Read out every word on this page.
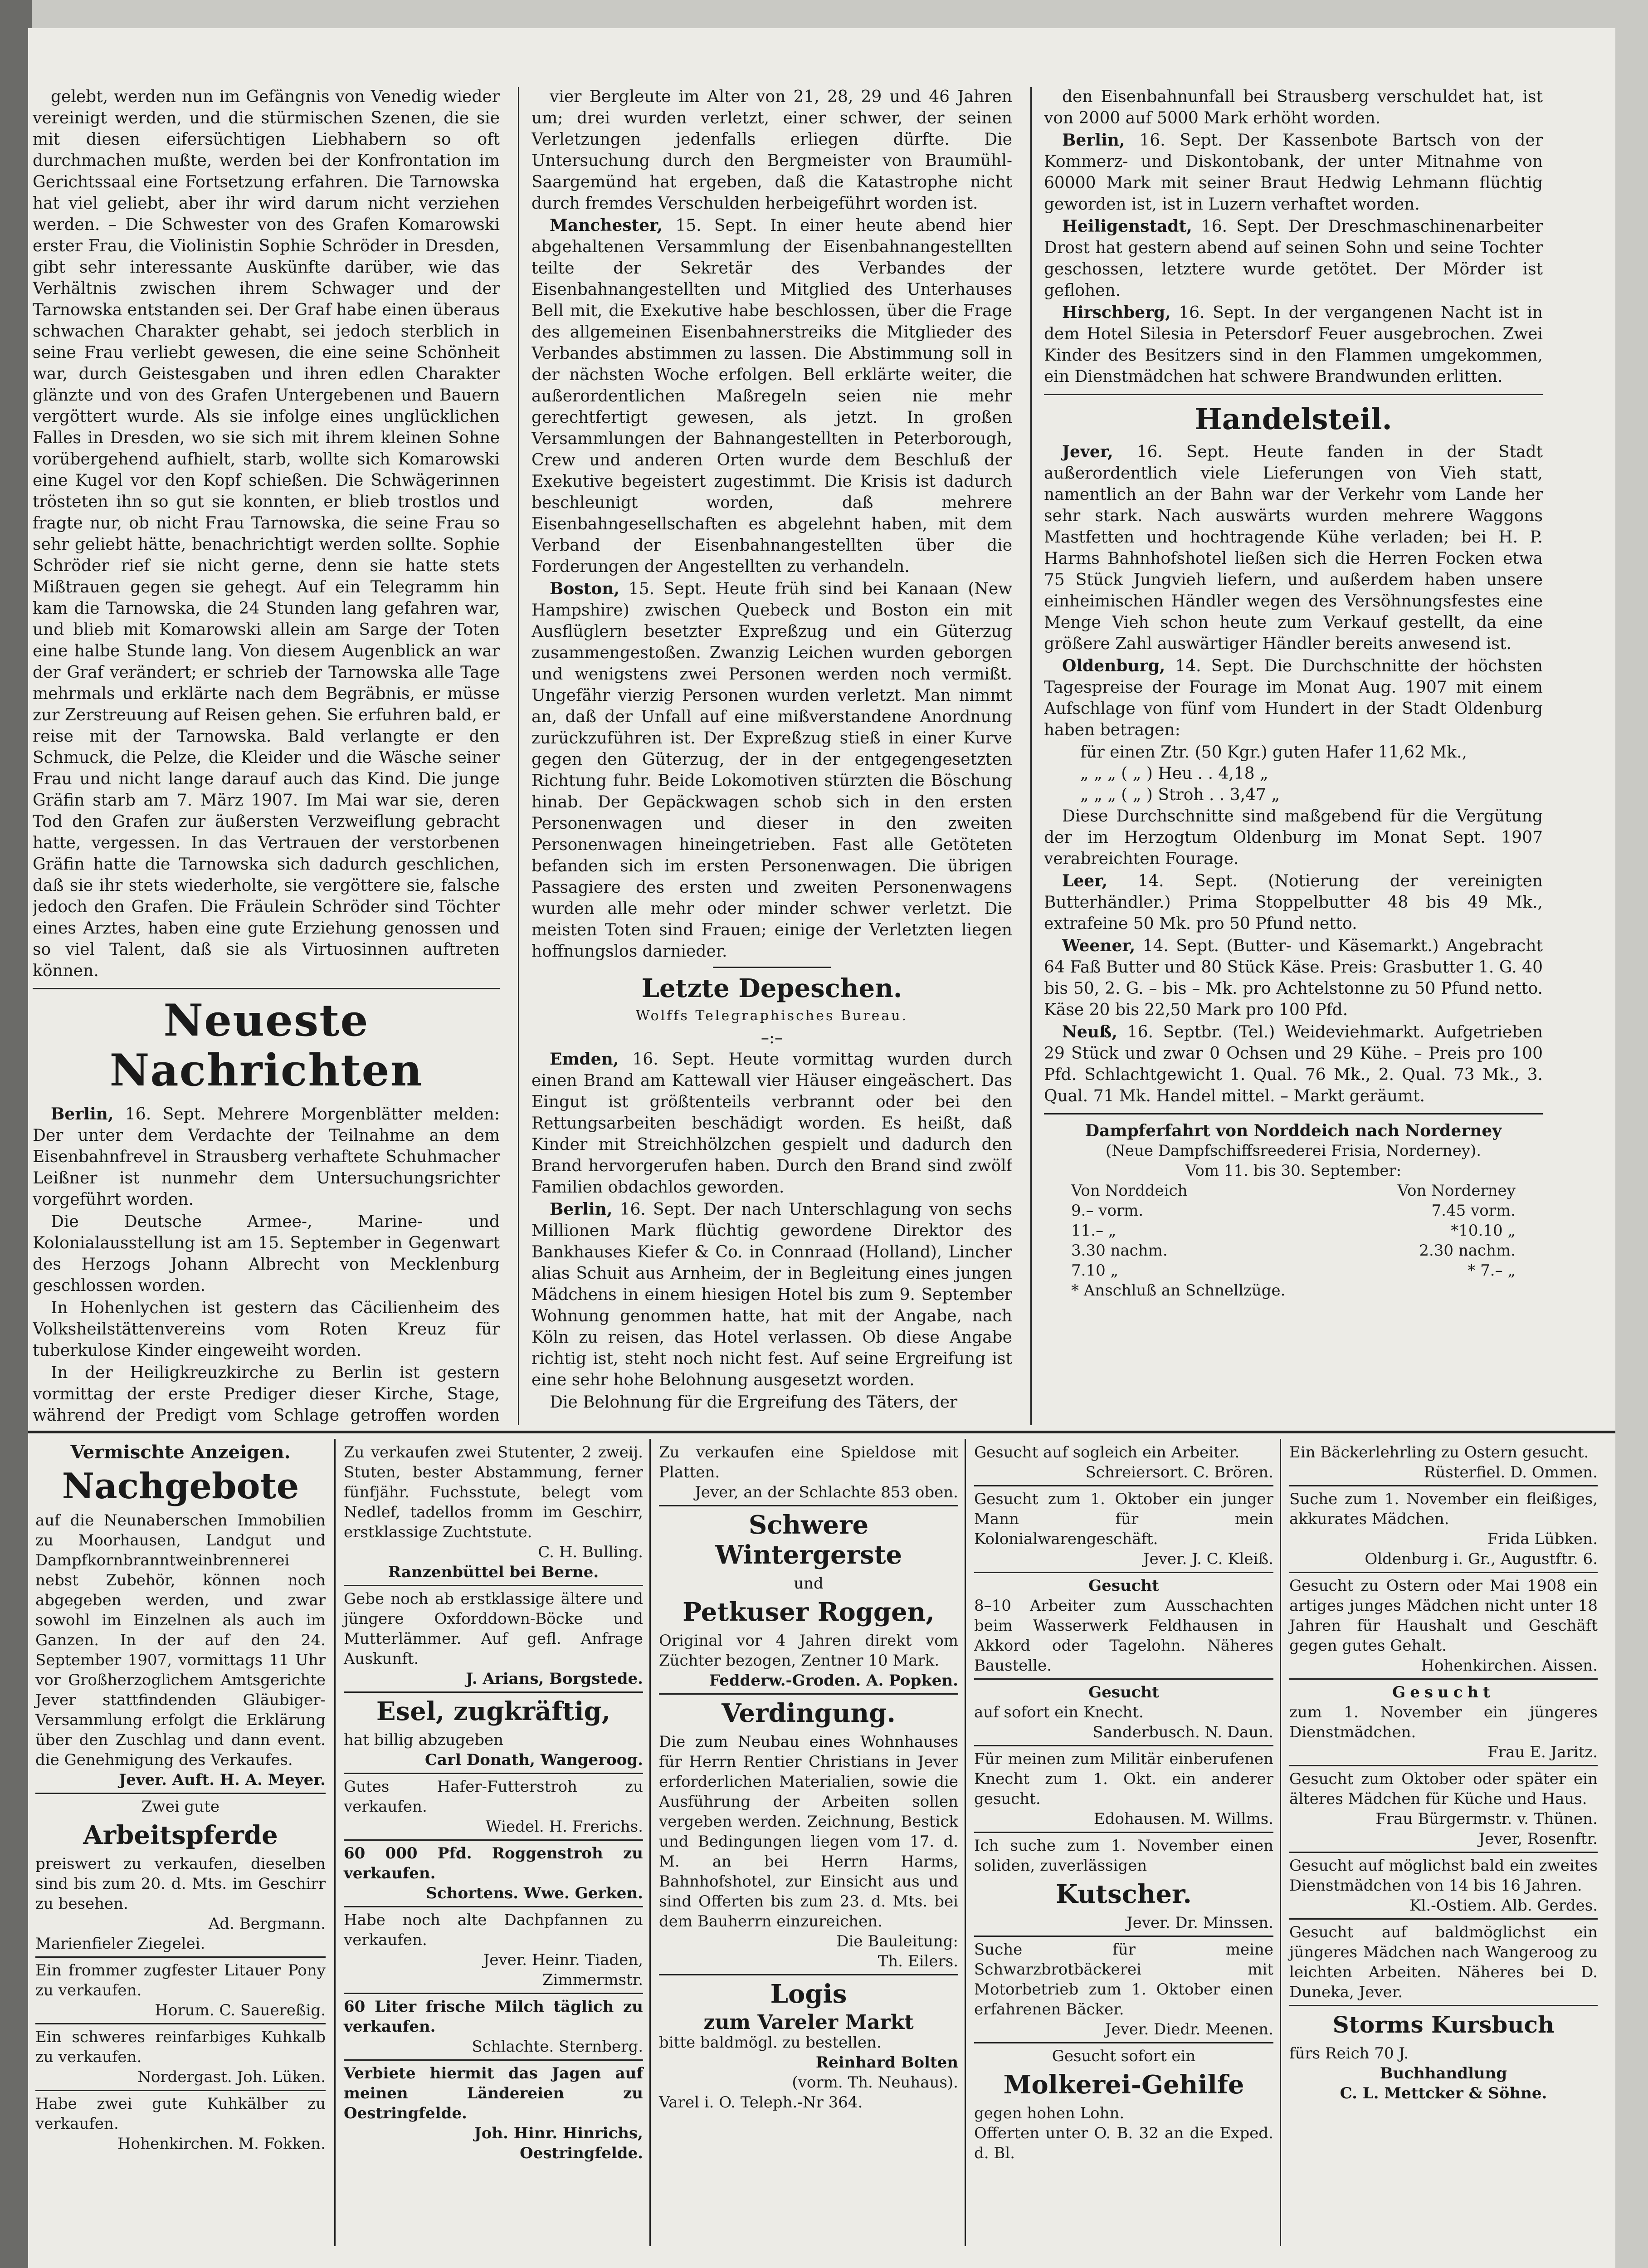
gelebt, werden nun im Gefängnis von Venedig wieder vereinigt werden, und die stürmischen Szenen, die sie mit diesen eifersüchtigen Liebhabern so oft durchmachen mußte, werden bei der Konfrontation im Gerichtssaal eine Fortsetzung erfahren. Die Tarnowska hat viel geliebt, aber ihr wird darum nicht verziehen werden. – Die Schwester von des Grafen Komarowski erster Frau, die Violinistin Sophie Schröder in Dresden, gibt sehr interessante Auskünfte darüber, wie das Verhältnis zwischen ihrem Schwager und der Tarnowska entstanden sei. Der Graf habe einen überaus schwachen Charakter gehabt, sei jedoch sterblich in seine Frau verliebt gewesen, die eine seine Schönheit war, durch Geistesgaben und ihren edlen Charakter glänzte und von des Grafen Untergebenen und Bauern vergöttert wurde. Als sie infolge eines unglücklichen Falles in Dresden, wo sie sich mit ihrem kleinen Sohne vorübergehend aufhielt, starb, wollte sich Komarowski eine Kugel vor den Kopf schießen. Die Schwägerinnen trösteten ihn so gut sie konnten, er blieb trostlos und fragte nur, ob nicht Frau Tarnowska, die seine Frau so sehr geliebt hätte, benachrichtigt werden sollte. Sophie Schröder rief sie nicht gerne, denn sie hatte stets Mißtrauen gegen sie gehegt. Auf ein Telegramm hin kam die Tarnowska, die 24 Stunden lang gefahren war, und blieb mit Komarowski allein am Sarge der Toten eine halbe Stunde lang. Von diesem Augenblick an war der Graf verändert; er schrieb der Tarnowska alle Tage mehrmals und erklärte nach dem Begräbnis, er müsse zur Zerstreuung auf Reisen gehen. Sie erfuhren bald, er reise mit der Tarnowska. Bald verlangte er den Schmuck, die Pelze, die Kleider und die Wäsche seiner Frau und nicht lange darauf auch das Kind. Die junge Gräfin starb am 7. März 1907. Im Mai war sie, deren Tod den Grafen zur äußersten Verzweiflung gebracht hatte, vergessen. In das Vertrauen der verstorbenen Gräfin hatte die Tarnowska sich dadurch geschlichen, daß sie ihr stets wiederholte, sie vergöttere sie, falsche jedoch den Grafen. Die Fräulein Schröder sind Töchter eines Arztes, haben eine gute Erziehung genossen und so viel Talent, daß sie als Virtuosinnen auftreten können.

Neueste Nachrichten

Berlin, 16. Sept. Mehrere Morgenblätter melden: Der unter dem Verdachte der Teilnahme an dem Eisenbahnfrevel in Strausberg verhaftete Schuhmacher Leißner ist nunmehr dem Untersuchungsrichter vorgeführt worden.

Die Deutsche Armee-, Marine- und Kolonialausstellung ist am 15. September in Gegenwart des Herzogs Johann Albrecht von Mecklenburg geschlossen worden.

In Hohenlychen ist gestern das Cäcilienheim des Volksheilstättenvereins vom Roten Kreuz für tuberkulose Kinder eingeweiht worden.

In der Heiligkreuzkirche zu Berlin ist gestern vormittag der erste Prediger dieser Kirche, Stage, während der Predigt vom Schlage getroffen worden

vier Bergleute im Alter von 21, 28, 29 und 46 Jahren um; drei wurden verletzt, einer schwer, der seinen Verletzungen jedenfalls erliegen dürfte. Die Untersuchung durch den Bergmeister von Braumühl-Saargemünd hat ergeben, daß die Katastrophe nicht durch fremdes Verschulden herbeigeführt worden ist.

Manchester, 15. Sept. In einer heute abend hier abgehaltenen Versammlung der Eisenbahnangestellten teilte der Sekretär des Verbandes der Eisenbahnangestellten und Mitglied des Unterhauses Bell mit, die Exekutive habe beschlossen, über die Frage des allgemeinen Eisenbahnerstreiks die Mitglieder des Verbandes abstimmen zu lassen. Die Abstimmung soll in der nächsten Woche erfolgen. Bell erklärte weiter, die außerordentlichen Maßregeln seien nie mehr gerechtfertigt gewesen, als jetzt. In großen Versammlungen der Bahnangestellten in Peterborough, Crew und anderen Orten wurde dem Beschluß der Exekutive begeistert zugestimmt. Die Krisis ist dadurch beschleunigt worden, daß mehrere Eisenbahngesellschaften es abgelehnt haben, mit dem Verband der Eisenbahnangestellten über die Forderungen der Angestellten zu verhandeln.

Boston, 15. Sept. Heute früh sind bei Kanaan (New Hampshire) zwischen Quebeck und Boston ein mit Ausflüglern besetzter Expreßzug und ein Güterzug zusammengestoßen. Zwanzig Leichen wurden geborgen und wenigstens zwei Personen werden noch vermißt. Ungefähr vierzig Personen wurden verletzt. Man nimmt an, daß der Unfall auf eine mißverstandene Anordnung zurückzuführen ist. Der Expreßzug stieß in einer Kurve gegen den Güterzug, der in der entgegengesetzten Richtung fuhr. Beide Lokomotiven stürzten die Böschung hinab. Der Gepäckwagen schob sich in den ersten Personenwagen und dieser in den zweiten Personenwagen hineingetrieben. Fast alle Getöteten befanden sich im ersten Personenwagen. Die übrigen Passagiere des ersten und zweiten Personenwagens wurden alle mehr oder minder schwer verletzt. Die meisten Toten sind Frauen; einige der Verletzten liegen hoffnungslos darnieder.

Letzte Depeschen.
Wolffs Telegraphisches Bureau.
–:–

Emden, 16. Sept. Heute vormittag wurden durch einen Brand am Kattewall vier Häuser eingeäschert. Das Eingut ist größtenteils verbrannt oder bei den Rettungsarbeiten beschädigt worden. Es heißt, daß Kinder mit Streichhölzchen gespielt und dadurch den Brand hervorgerufen haben. Durch den Brand sind zwölf Familien obdachlos geworden.

Berlin, 16. Sept. Der nach Unterschlagung von sechs Millionen Mark flüchtig gewordene Direktor des Bankhauses Kiefer & Co. in Connraad (Holland), Lincher alias Schuit aus Arnheim, der in Begleitung eines jungen Mädchens in einem hiesigen Hotel bis zum 9. September Wohnung genommen hatte, hat mit der Angabe, nach Köln zu reisen, das Hotel verlassen. Ob diese Angabe richtig ist, steht noch nicht fest. Auf seine Ergreifung ist eine sehr hohe Belohnung ausgesetzt worden.

Die Belohnung für die Ergreifung des Täters, der

den Eisenbahnunfall bei Strausberg verschuldet hat, ist von 2000 auf 5000 Mark erhöht worden.

Berlin, 16. Sept. Der Kassenbote Bartsch von der Kommerz- und Diskontobank, der unter Mitnahme von 60000 Mark mit seiner Braut Hedwig Lehmann flüchtig geworden ist, ist in Luzern verhaftet worden.

Heiligenstadt, 16. Sept. Der Dreschmaschinenarbeiter Drost hat gestern abend auf seinen Sohn und seine Tochter geschossen, letztere wurde getötet. Der Mörder ist geflohen.

Hirschberg, 16. Sept. In der vergangenen Nacht ist in dem Hotel Silesia in Petersdorf Feuer ausgebrochen. Zwei Kinder des Besitzers sind in den Flammen umgekommen, ein Dienstmädchen hat schwere Brandwunden erlitten.

Handelsteil.

Jever, 16. Sept. Heute fanden in der Stadt außerordentlich viele Lieferungen von Vieh statt, namentlich an der Bahn war der Verkehr vom Lande her sehr stark. Nach auswärts wurden mehrere Waggons Mastfetten und hochtragende Kühe verladen; bei H. P. Harms Bahnhofshotel ließen sich die Herren Focken etwa 75 Stück Jungvieh liefern, und außerdem haben unsere einheimischen Händler wegen des Versöhnungsfestes eine Menge Vieh schon heute zum Verkauf gestellt, da eine größere Zahl auswärtiger Händler bereits anwesend ist.

Oldenburg, 14. Sept. Die Durchschnitte der höchsten Tagespreise der Fourage im Monat Aug. 1907 mit einem Aufschlage von fünf vom Hundert in der Stadt Oldenburg haben betragen:

für einen Ztr. (50 Kgr.) guten Hafer 11,62 Mk.,
„ „ „ ( „ ) Heu . . 4,18 „
„ „ „ ( „ ) Stroh . . 3,47 „

Diese Durchschnitte sind maßgebend für die Vergütung der im Herzogtum Oldenburg im Monat Sept. 1907 verabreichten Fourage.

Leer, 14. Sept. (Notierung der vereinigten Butterhändler.) Prima Stoppelbutter 48 bis 49 Mk., extrafeine 50 Mk. pro 50 Pfund netto.

Weener, 14. Sept. (Butter- und Käsemarkt.) Angebracht 64 Faß Butter und 80 Stück Käse. Preis: Grasbutter 1. G. 40 bis 50, 2. G. – bis – Mk. pro Achtelstonne zu 50 Pfund netto. Käse 20 bis 22,50 Mark pro 100 Pfd.

Neuß, 16. Septbr. (Tel.) Weideviehmarkt. Aufgetrieben 29 Stück und zwar 0 Ochsen und 29 Kühe. – Preis pro 100 Pfd. Schlachtgewicht 1. Qual. 76 Mk., 2. Qual. 73 Mk., 3. Qual. 71 Mk. Handel mittel. – Markt geräumt.

Dampferfahrt von Norddeich nach Norderney
(Neue Dampfschiffsreederei Frisia, Norderney).
Vom 11. bis 30. September:
Von Norddeich	Von Norderney
9.– vorm.	7.45 vorm.
11.– „	*10.10 „
3.30 nachm.	2.30 nachm.
7.10 „	* 7.– „
* Anschluß an Schnellzüge.
Vermischte Anzeigen.
Nachgebote
auf die Neunaberschen Immobilien zu Moorhausen, Landgut und Dampfkornbranntweinbrennerei nebst Zubehör, können noch abgegeben werden, und zwar sowohl im Einzelnen als auch im Ganzen. In der auf den 24. September 1907, vormittags 11 Uhr vor Großherzoglichem Amtsgerichte Jever stattfindenden Gläubiger-Versammlung erfolgt die Erklärung über den Zuschlag und dann event. die Genehmigung des Verkaufes.
Jever. Auft. H. A. Meyer.
Zwei gute
Arbeitspferde
preiswert zu verkaufen, dieselben sind bis zum 20. d. Mts. im Geschirr zu besehen.
Ad. Bergmann.
Marienfieler Ziegelei.
Ein frommer zugfester Litauer Pony zu verkaufen.
Horum. C. Sauereßig.
Ein schweres reinfarbiges Kuhkalb zu verkaufen.
Nordergast. Joh. Lüken.
Habe zwei gute Kuhkälber zu verkaufen.
Hohenkirchen. M. Fokken.
Zu verkaufen zwei Stutenter, 2 zweij. Stuten, bester Abstammung, ferner fünfjähr. Fuchsstute, belegt vom Nedlef, tadellos fromm im Geschirr, erstklassige Zuchtstute.
C. H. Bulling.
Ranzenbüttel bei Berne.
Gebe noch ab erstklassige ältere und jüngere Oxforddown-Böcke und Mutterlämmer. Auf gefl. Anfrage Auskunft.
J. Arians, Borgstede.
Esel, zugkräftig,
hat billig abzugeben
Carl Donath, Wangeroog.
Gutes Hafer-Futterstroh zu verkaufen.
Wiedel. H. Frerichs.
60 000 Pfd. Roggenstroh zu verkaufen.
Schortens. Wwe. Gerken.
Habe noch alte Dachpfannen zu verkaufen.
Jever. Heinr. Tiaden,
Zimmermstr.
60 Liter frische Milch täglich zu verkaufen.
Schlachte. Sternberg.
Verbiete hiermit das Jagen auf meinen Ländereien zu Oestringfelde.
Joh. Hinr. Hinrichs,
Oestringfelde.
Zu verkaufen eine Spieldose mit Platten.
Jever, an der Schlachte 853 oben.
Schwere Wintergerste
und
Petkuser Roggen,
Original vor 4 Jahren direkt vom Züchter bezogen, Zentner 10 Mark.
Fedderw.-Groden. A. Popken.
Verdingung.
Die zum Neubau eines Wohnhauses für Herrn Rentier Christians in Jever erforderlichen Materialien, sowie die Ausführung der Arbeiten sollen vergeben werden. Zeichnung, Bestick und Bedingungen liegen vom 17. d. M. an bei Herrn Harms, Bahnhofshotel, zur Einsicht aus und sind Offerten bis zum 23. d. Mts. bei dem Bauherrn einzureichen.
Die Bauleitung:
Th. Eilers.
Logis
zum Vareler Markt
bitte baldmögl. zu bestellen.
Reinhard Bolten
(vorm. Th. Neuhaus).
Varel i. O. Teleph.-Nr 364.
Gesucht auf sogleich ein Arbeiter.
Schreiersort. C. Brören.
Gesucht zum 1. Oktober ein junger Mann für mein Kolonialwarengeschäft.
Jever. J. C. Kleiß.
Gesucht
8–10 Arbeiter zum Ausschachten beim Wasserwerk Feldhausen in Akkord oder Tagelohn. Näheres Baustelle.
Gesucht
auf sofort ein Knecht.
Sanderbusch. N. Daun.
Für meinen zum Militär einberufenen Knecht zum 1. Okt. ein anderer gesucht.
Edohausen. M. Willms.
Ich suche zum 1. November einen soliden, zuverlässigen
Kutscher.
Jever. Dr. Minssen.
Suche für meine Schwarzbrotbäckerei mit Motorbetrieb zum 1. Oktober einen erfahrenen Bäcker.
Jever. Diedr. Meenen.
Gesucht sofort ein
Molkerei-Gehilfe
gegen hohen Lohn.
Offerten unter O. B. 32 an die Exped. d. Bl.
Ein Bäckerlehrling zu Ostern gesucht.
Rüsterfiel. D. Ommen.
Suche zum 1. November ein fleißiges, akkurates Mädchen.
Frida Lübken.
Oldenburg i. Gr., Augustftr. 6.
Gesucht zu Ostern oder Mai 1908 ein artiges junges Mädchen nicht unter 18 Jahren für Haushalt und Geschäft gegen gutes Gehalt.
Hohenkirchen. Aissen.
Gesucht
zum 1. November ein jüngeres Dienstmädchen.
Frau E. Jaritz.
Gesucht zum Oktober oder später ein älteres Mädchen für Küche und Haus.
Frau Bürgermstr. v. Thünen.
Jever, Rosenftr.
Gesucht auf möglichst bald ein zweites Dienstmädchen von 14 bis 16 Jahren.
Kl.-Ostiem. Alb. Gerdes.
Gesucht auf baldmöglichst ein jüngeres Mädchen nach Wangeroog zu leichten Arbeiten. Näheres bei D. Duneka, Jever.
Storms Kursbuch
fürs Reich 70 J.
Buchhandlung
C. L. Mettcker & Söhne.
